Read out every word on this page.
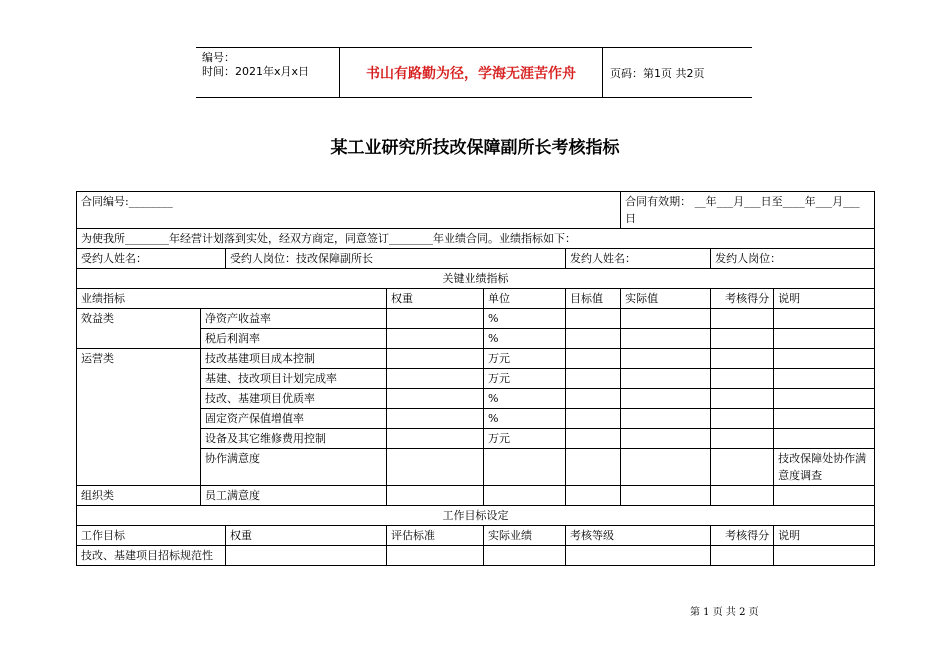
编号：
时间：2021年x月x日	书山有路勤为径，学海无涯苦作舟	页码：第1页 共2页
某工业研究所技改保障副所长考核指标
合同编号:________						合同有效期： __年___月___日至____年___月___日		
为使我所________年经营计划落到实处，经双方商定，同意签订________年业绩合同。业绩指标如下：								
受约人姓名：		受约人岗位：技改保障副所长			发约人姓名：		发约人岗位：	
关键业绩指标								
业绩指标			权重	单位	目标值	实际值	考核得分	说明
效益类	净资产收益率			%				
	税后利润率			%				
运营类	技改基建项目成本控制			万元				
	基建、技改项目计划完成率			万元				
	技改、基建项目优质率			%				
	固定资产保值增值率			%				
	设备及其它维修费用控制			万元				
	协作满意度							技改保障处协作满意度调查
组织类	员工满意度							
工作目标设定								
工作目标		权重	评估标准	实际业绩	考核等级		考核得分	说明
技改、基建项目招标规范性								
第 1 页 共 2 页
